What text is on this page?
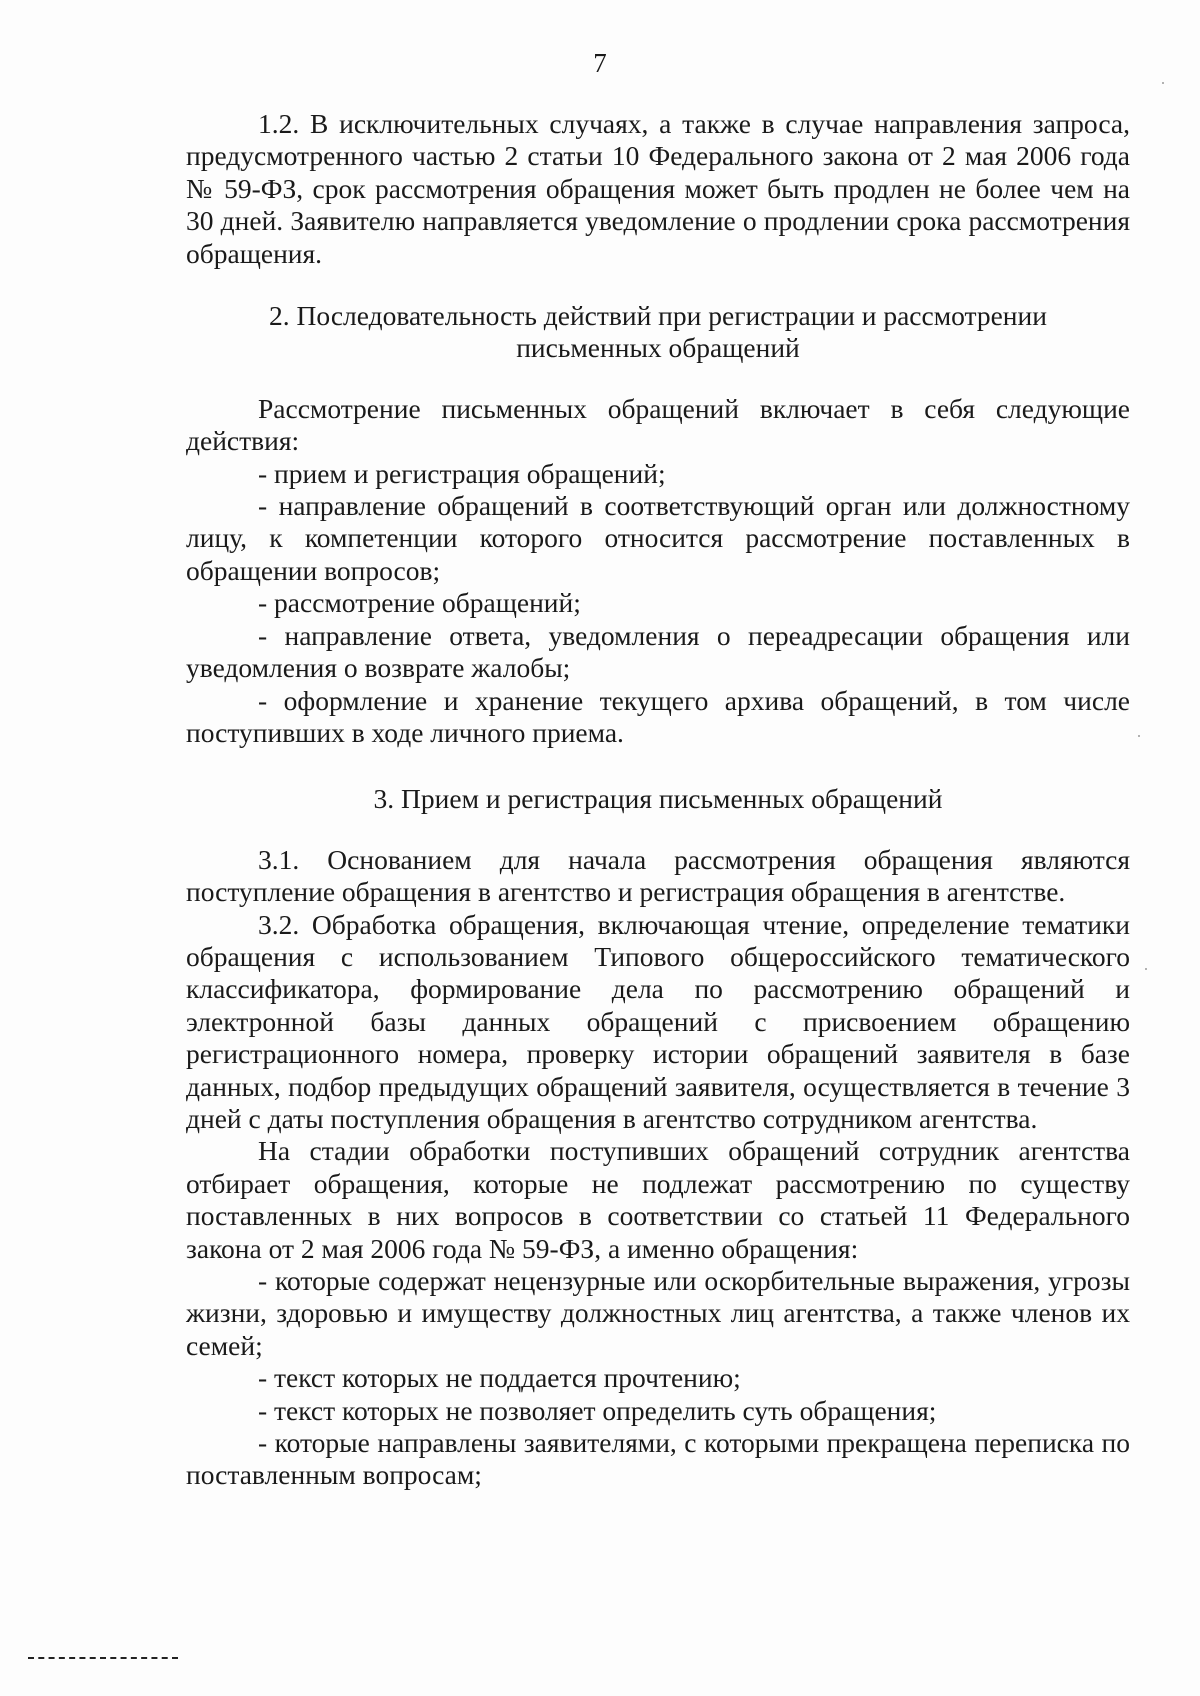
7

1.2. В исключительных случаях, а также в случае направления запроса, предусмотренного частью 2 статьи 10 Федерального закона от 2 мая 2006 года № 59-ФЗ, срок рассмотрения обращения может быть продлен не более чем на 30 дней. Заявителю направляется уведомление о продлении срока рассмотрения обращения.

2. Последовательность действий при регистрации и рассмотрении

письменных обращений

Рассмотрение письменных обращений включает в себя следующие действия:

- прием и регистрация обращений;

- направление обращений в соответствующий орган или должностному лицу, к компетенции которого относится рассмотрение поставленных в обращении вопросов;

- рассмотрение обращений;

- направление ответа, уведомления о переадресации обращения или уведомления о возврате жалобы;

- оформление и хранение текущего архива обращений, в том числе поступивших в ходе личного приема.

3. Прием и регистрация письменных обращений

3.1. Основанием для начала рассмотрения обращения являются поступление обращения в агентство и регистрация обращения в агентстве.

3.2. Обработка обращения, включающая чтение, определение тематики обращения с использованием Типового общероссийского тематического классификатора, формирование дела по рассмотрению обращений и электронной базы данных обращений с присвоением обращению регистрационного номера, проверку истории обращений заявителя в базе данных, подбор предыдущих обращений заявителя, осуществляется в течение 3 дней с даты поступления обращения в агентство сотрудником агентства.

На стадии обработки поступивших обращений сотрудник агентства отбирает обращения, которые не подлежат рассмотрению по существу поставленных в них вопросов в соответствии со статьей 11 Федерального закона от 2 мая 2006 года № 59-ФЗ, а именно обращения:

- которые содержат нецензурные или оскорбительные выражения, угрозы жизни, здоровью и имуществу должностных лиц агентства, а также членов их семей;

- текст которых не поддается прочтению;

- текст которых не позволяет определить суть обращения;

- которые направлены заявителями, с которыми прекращена переписка по поставленным вопросам;
